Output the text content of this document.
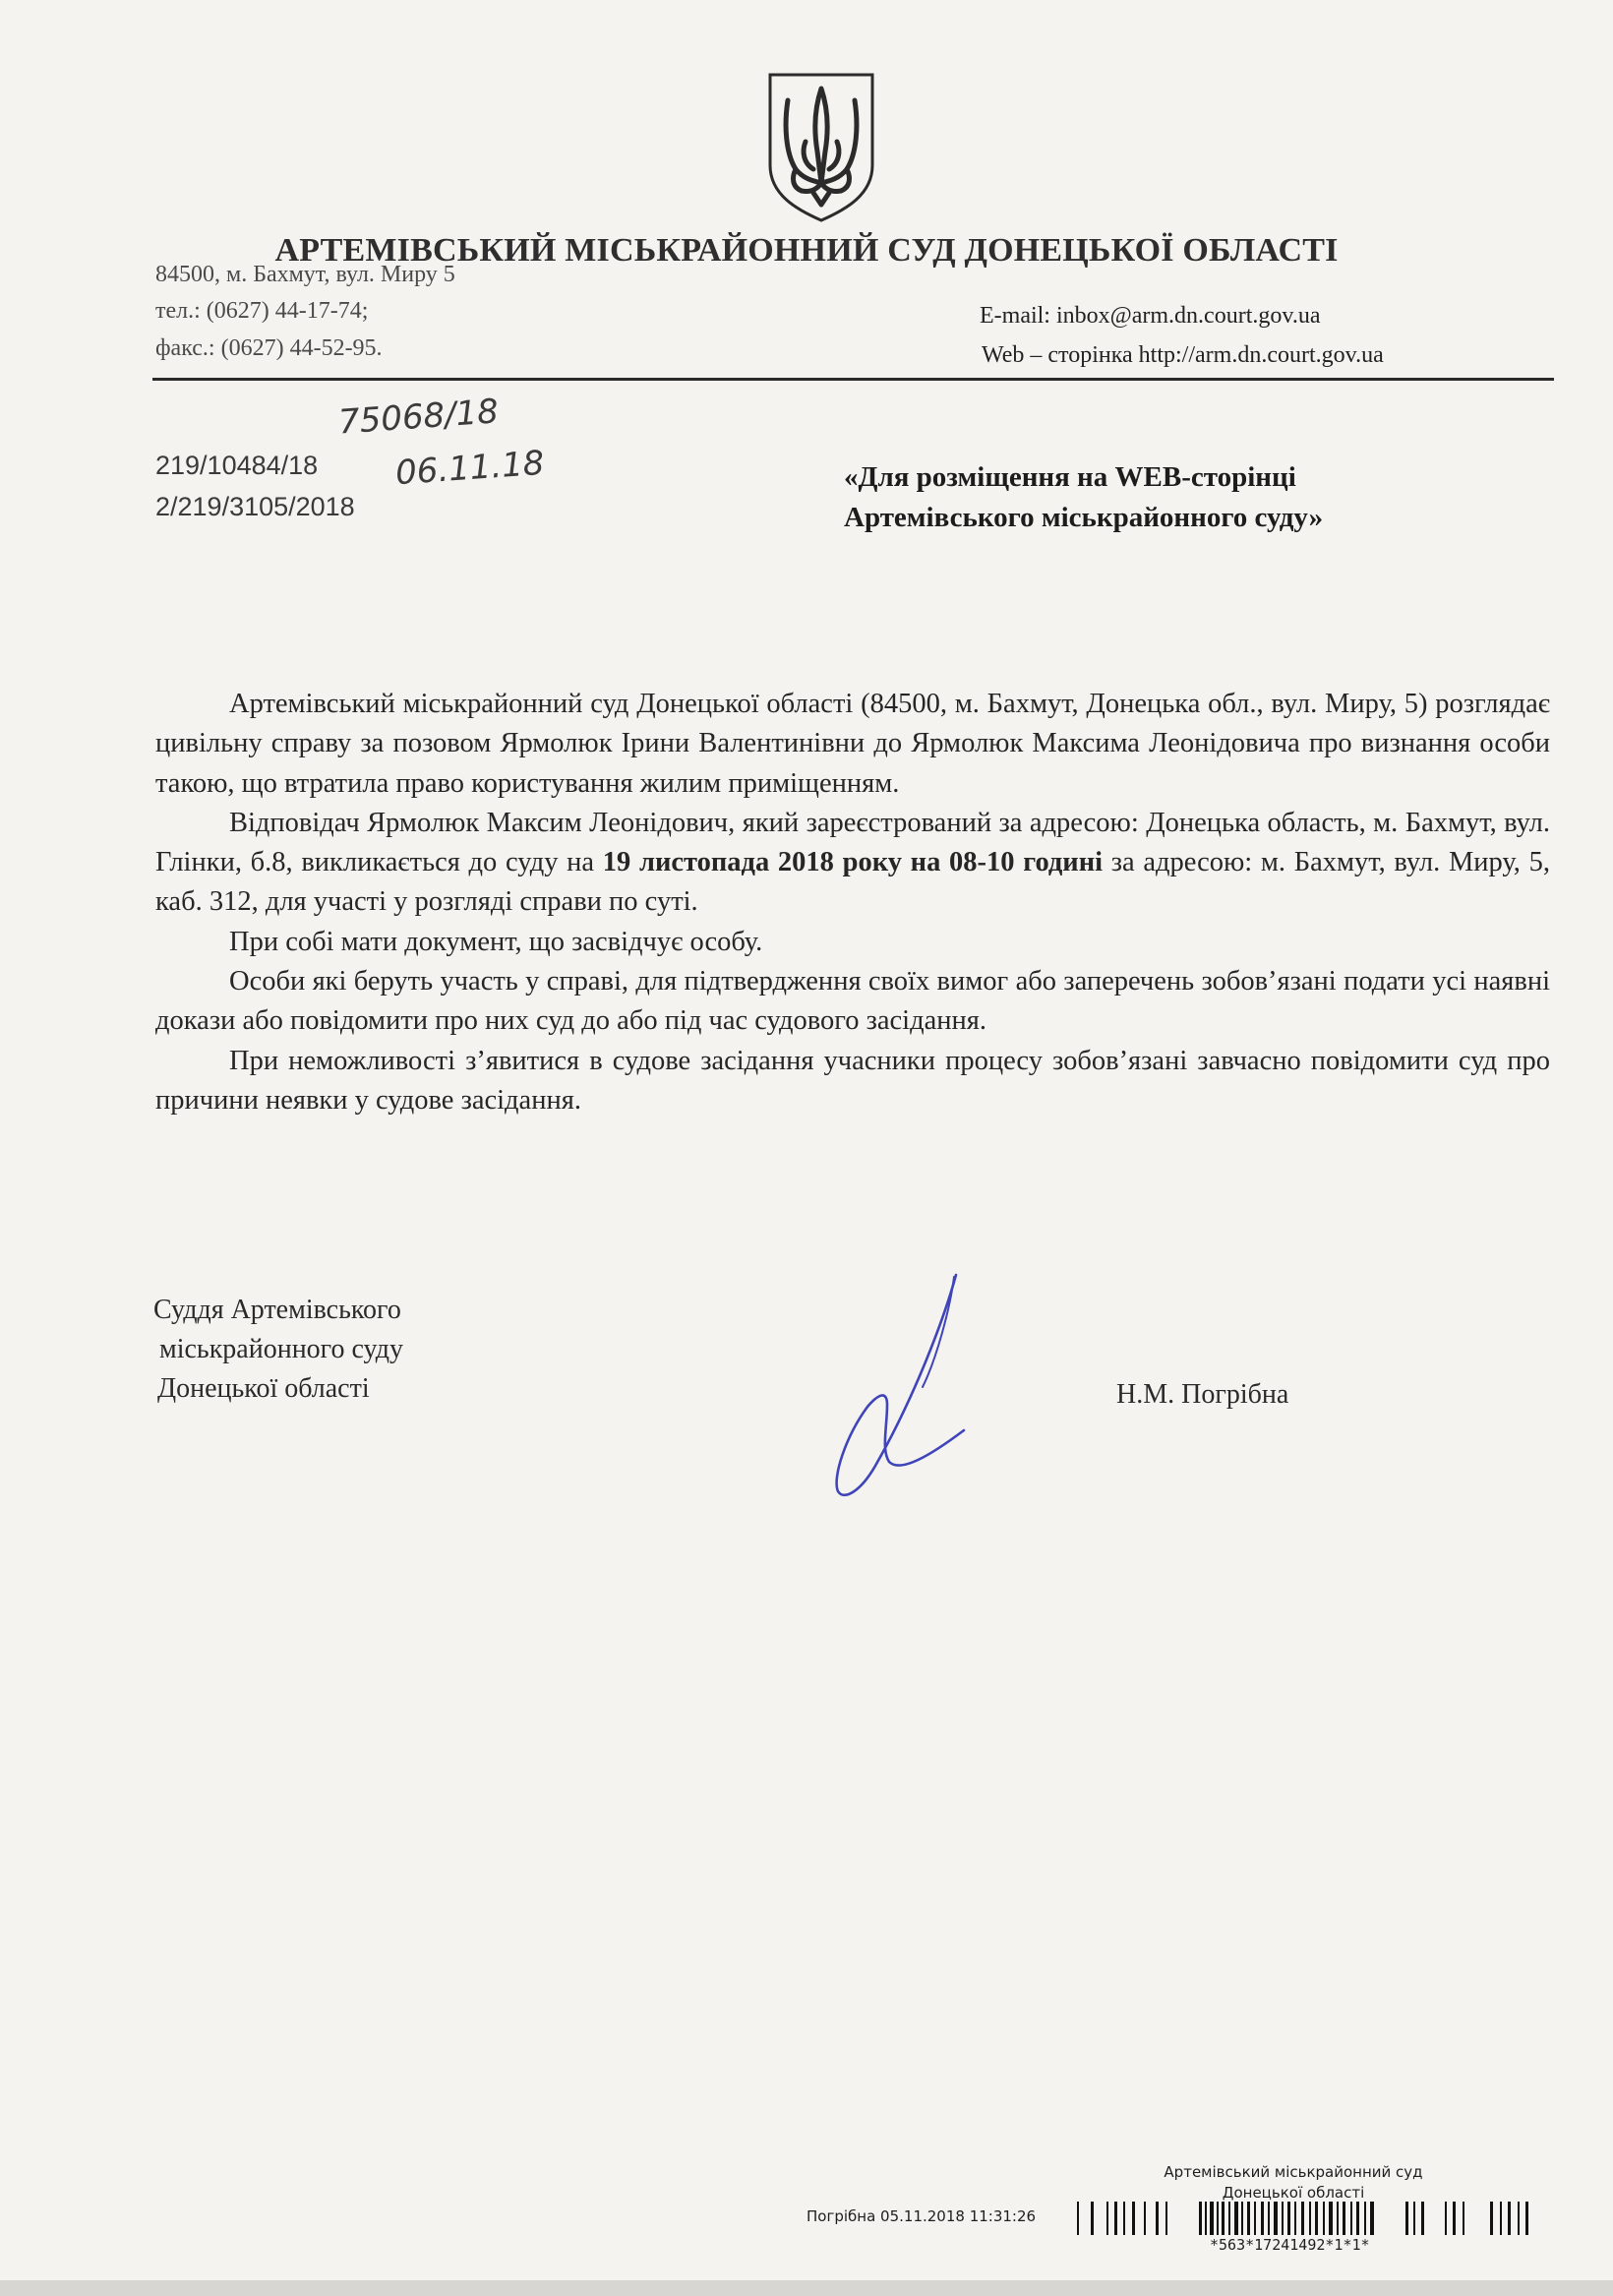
АРТЕМІВСЬКИЙ МІСЬКРАЙОННИЙ СУД ДОНЕЦЬКОЇ ОБЛАСТІ
84500, м. Бахмут, вул. Миру 5
тел.: (0627) 44-17-74;
факс.: (0627) 44-52-95.
E-mail: inbox@arm.dn.court.gov.ua
Web – сторінка http://arm.dn.court.gov.ua
75068/18
06.11.18
219/10484/18
2/219/3105/2018
«Для розміщення на WEB-сторінці
Артемівського міськрайонного суду»

Артемівський міськрайонний суд Донецької області (84500, м. Бахмут, Донецька обл., вул. Миру, 5) розглядає цивільну справу за позовом Ярмолюк Ірини Валентинівни до Ярмолюк Максима Леонідовича про визнання особи такою, що втратила право користування жилим приміщенням.

Відповідач Ярмолюк Максим Леонідович, який зареєстрований за адресою: Донецька область, м. Бахмут, вул. Глінки, б.8, викликається до суду на 19 листопада 2018 року на 08-10 годині за адресою: м. Бахмут, вул. Миру, 5, каб. 312, для участі у розгляді справи по суті.

При собі мати документ, що засвідчує особу.

Особи які беруть участь у справі, для підтвердження своїх вимог або заперечень зобов’язані подати усі наявні докази або повідомити про них суд до або під час судового засідання.

При неможливості з’явитися в судове засідання учасники процесу зобов’язані завчасно повідомити суд про причини неявки у судове засідання.

Суддя Артемівського
міськрайонного суду
Донецької області	Н.М. Погрібна
Артемівський міськрайонний суд
Донецької області
Погрібна 05.11.2018 11:31:26
*563*17241492*1*1*
